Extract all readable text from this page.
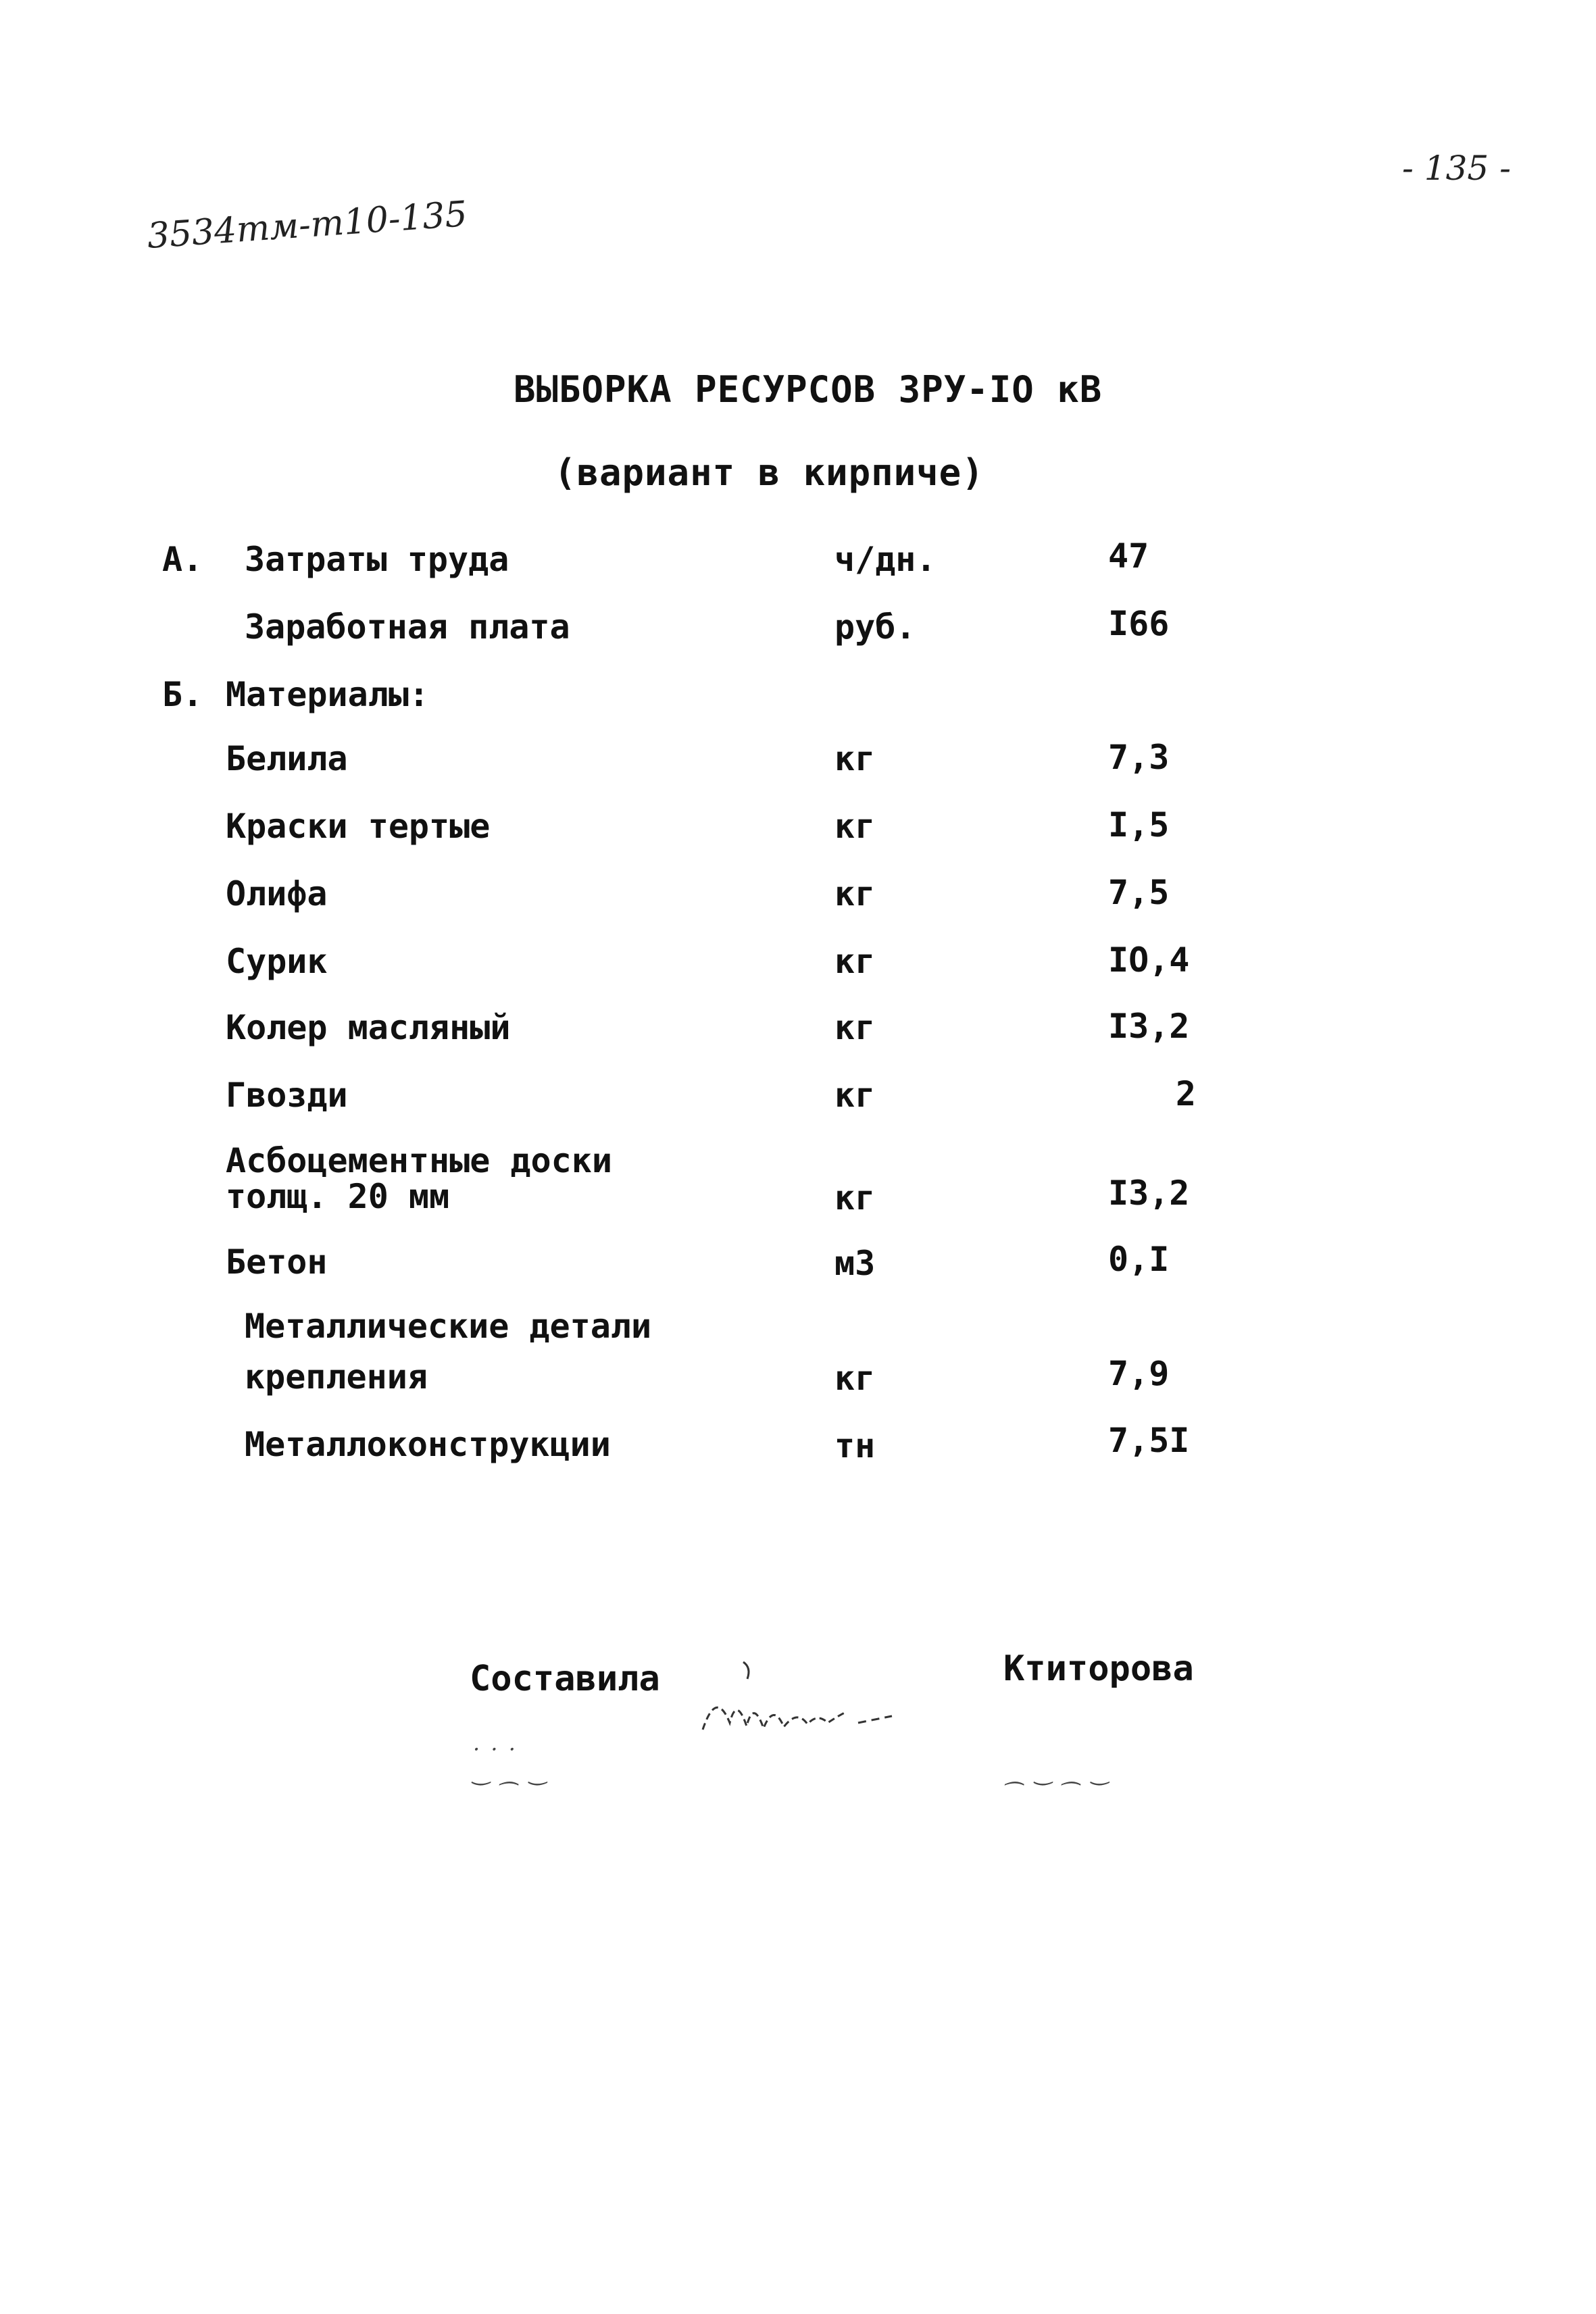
- 135 -
3534тм-т10-135
ВЫБОРКА РЕСУРСОВ ЗРУ-IO кВ
(вариант в кирпиче)
А. Затраты труда	ч/дн.	47
Заработная плата	руб.	I66
Б. Материалы:
Белила	кг	7,3
Краски тертые	кг	I,5
Олифа	кг	7,5
Сурик	кг	IO,4
Колер масляный	кг	I3,2
Гвозди	кг	2
Асбоцементные доски
толщ. 20 мм	кг	I3,2
Бетон	м3	0,I
Металлические детали
крепления	кг	7,9
Металлоконструкции	тн	7,5I
Составила	Ктиторова
· · ·
‿ ⁔ ‿	⁔ ‿ ⁔ ‿
